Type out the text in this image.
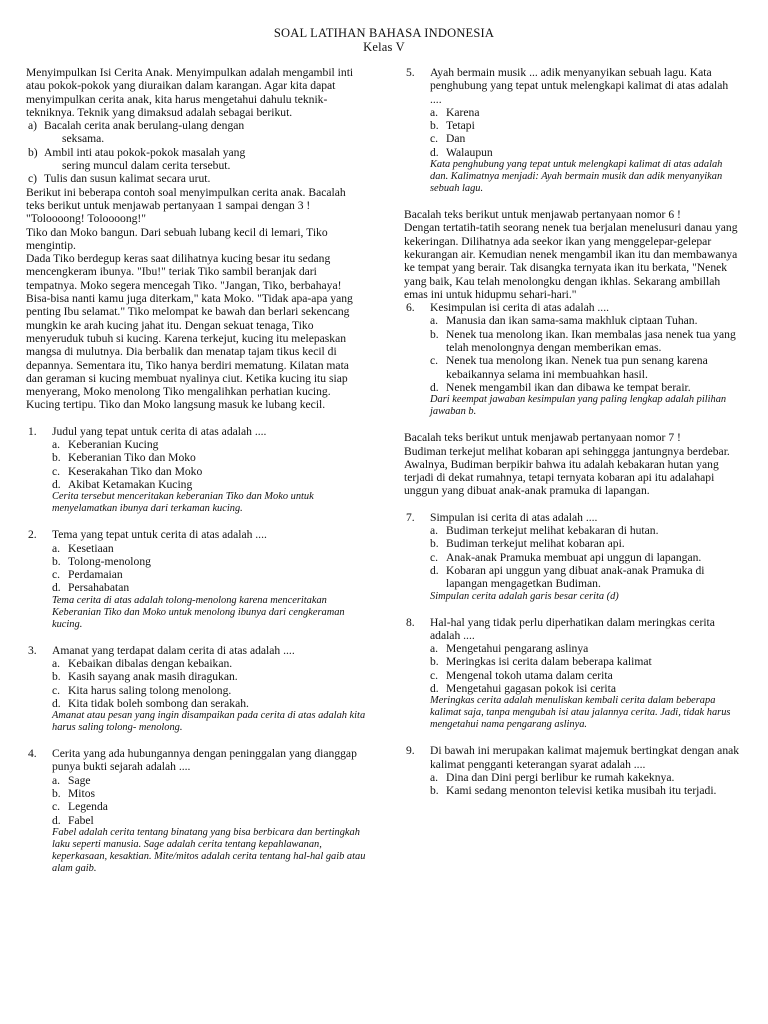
SOAL LATIHAN BAHASA INDONESIA
Kelas V

Menyimpulkan Isi Cerita Anak. Menyimpulkan adalah mengambil inti atau pokok-pokok yang diuraikan dalam karangan. Agar kita dapat menyimpulkan cerita anak, kita harus mengetahui dahulu teknik-tekniknya. Teknik yang dimaksud adalah sebagai berikut.

a) Bacalah cerita anak berulang-ulang dengan
seksama.
b) Ambil inti atau pokok-pokok masalah yang
sering muncul dalam cerita tersebut.
c) Tulis dan susun kalimat secara urut.

Berikut ini beberapa contoh soal menyimpulkan cerita anak. Bacalah teks berikut untuk menjawab pertanyaan 1 sampai dengan 3 !

"Toloooong! Toloooong!"

Tiko dan Moko bangun. Dari sebuah lubang kecil di lemari, Tiko mengintip.

Dada Tiko berdegup keras saat dilihatnya kucing besar itu sedang mencengkeram ibunya. "Ibu!" teriak Tiko sambil beranjak dari tempatnya. Moko segera mencegah Tiko. "Jangan, Tiko, berbahaya! Bisa-bisa nanti kamu juga diterkam," kata Moko. "Tidak apa-apa yang penting Ibu selamat." Tiko melompat ke bawah dan berlari sekencang mungkin ke arah kucing jahat itu. Dengan sekuat tenaga, Tiko menyeruduk tubuh si kucing. Karena terkejut, kucing itu melepaskan mangsa di mulutnya. Dia berbalik dan menatap tajam tikus kecil di depannya. Sementara itu, Tiko hanya berdiri mematung. Kilatan mata dan geraman si kucing membuat nyalinya ciut. Ketika kucing itu siap menyerang, Moko menolong Tiko mengalihkan perhatian kucing. Kucing tertipu. Tiko dan Moko langsung masuk ke lubang kecil.

1. Judul yang tepat untuk cerita di atas adalah ....
a. Keberanian Kucing
b. Keberanian Tiko dan Moko
c. Keserakahan Tiko dan Moko
d. Akibat Ketamakan Kucing
Cerita tersebut menceritakan keberanian Tiko dan Moko untuk menyelamatkan ibunya dari terkaman kucing.
2. Tema yang tepat untuk cerita di atas adalah ....
a. Kesetiaan
b. Tolong-menolong
c. Perdamaian
d. Persahabatan
Tema cerita di atas adalah tolong-menolong karena menceritakan Keberanian Tiko dan Moko untuk menolong ibunya dari cengkeraman kucing.
3. Amanat yang terdapat dalam cerita di atas adalah ....
a. Kebaikan dibalas dengan kebaikan.
b. Kasih sayang anak masih diragukan.
c. Kita harus saling tolong menolong.
d. Kita tidak boleh sombong dan serakah.
Amanat atau pesan yang ingin disampaikan pada cerita di atas adalah kita harus saling tolong- menolong.
4. Cerita yang ada hubungannya dengan peninggalan yang dianggap punya bukti sejarah adalah ....
a. Sage
b. Mitos
c. Legenda
d. Fabel
Fabel adalah cerita tentang binatang yang bisa berbicara dan bertingkah laku seperti manusia. Sage adalah cerita tentang kepahlawanan, keperkasaan, kesaktian. Mite/mitos adalah cerita tentang hal-hal gaib atau alam gaib.
5. Ayah bermain musik ... adik menyanyikan sebuah lagu. Kata penghubung yang tepat untuk melengkapi kalimat di atas adalah ....
a. Karena
b. Tetapi
c. Dan
d. Walaupun
Kata penghubung yang tepat untuk melengkapi kalimat di atas adalah dan. Kalimatnya menjadi: Ayah bermain musik dan adik menyanyikan sebuah lagu.

Bacalah teks berikut untuk menjawab pertanyaan nomor 6 !

Dengan tertatih-tatih seorang nenek tua berjalan menelusuri danau yang kekeringan. Dilihatnya ada seekor ikan yang menggelepar-gelepar kekurangan air. Kemudian nenek mengambil ikan itu dan membawanya ke tempat yang berair. Tak disangka ternyata ikan itu berkata, "Nenek yang baik, Kau telah menolongku dengan ikhlas. Sekarang ambillah emas ini untuk hidupmu sehari-hari."

6. Kesimpulan isi cerita di atas adalah ....
a. Manusia dan ikan sama-sama makhluk ciptaan Tuhan.
b. Nenek tua menolong ikan. Ikan membalas jasa nenek tua yang telah menolongnya dengan memberikan emas.
c. Nenek tua menolong ikan. Nenek tua pun senang karena kebaikannya selama ini membuahkan hasil.
d. Nenek mengambil ikan dan dibawa ke tempat berair.
Dari keempat jawaban kesimpulan yang paling lengkap adalah pilihan jawaban b.

Bacalah teks berikut untuk menjawab pertanyaan nomor 7 !

Budiman terkejut melihat kobaran api sehinggga jantungnya berdebar. Awalnya, Budiman berpikir bahwa itu adalah kebakaran hutan yang terjadi di dekat rumahnya, tetapi ternyata kobaran api itu adalahapi unggun yang dibuat anak-anak pramuka di lapangan.

7. Simpulan isi cerita di atas adalah ....
a. Budiman terkejut melihat kebakaran di hutan.
b. Budiman terkejut melihat kobaran api.
c. Anak-anak Pramuka membuat api unggun di lapangan.
d. Kobaran api unggun yang dibuat anak-anak Pramuka di lapangan mengagetkan Budiman.
Simpulan cerita adalah garis besar cerita (d)
8. Hal-hal yang tidak perlu diperhatikan dalam meringkas cerita adalah ....
a. Mengetahui pengarang aslinya
b. Meringkas isi cerita dalam beberapa kalimat
c. Mengenal tokoh utama dalam cerita
d. Mengetahui gagasan pokok isi cerita
Meringkas cerita adalah menuliskan kembali cerita dalam beberapa kalimat saja, tanpa mengubah isi atau jalannya cerita. Jadi, tidak harus mengetahui nama pengarang aslinya.
9. Di bawah ini merupakan kalimat majemuk bertingkat dengan anak kalimat pengganti keterangan syarat adalah ....
a. Dina dan Dini pergi berlibur ke rumah kakeknya.
b. Kami sedang menonton televisi ketika musibah itu terjadi.
